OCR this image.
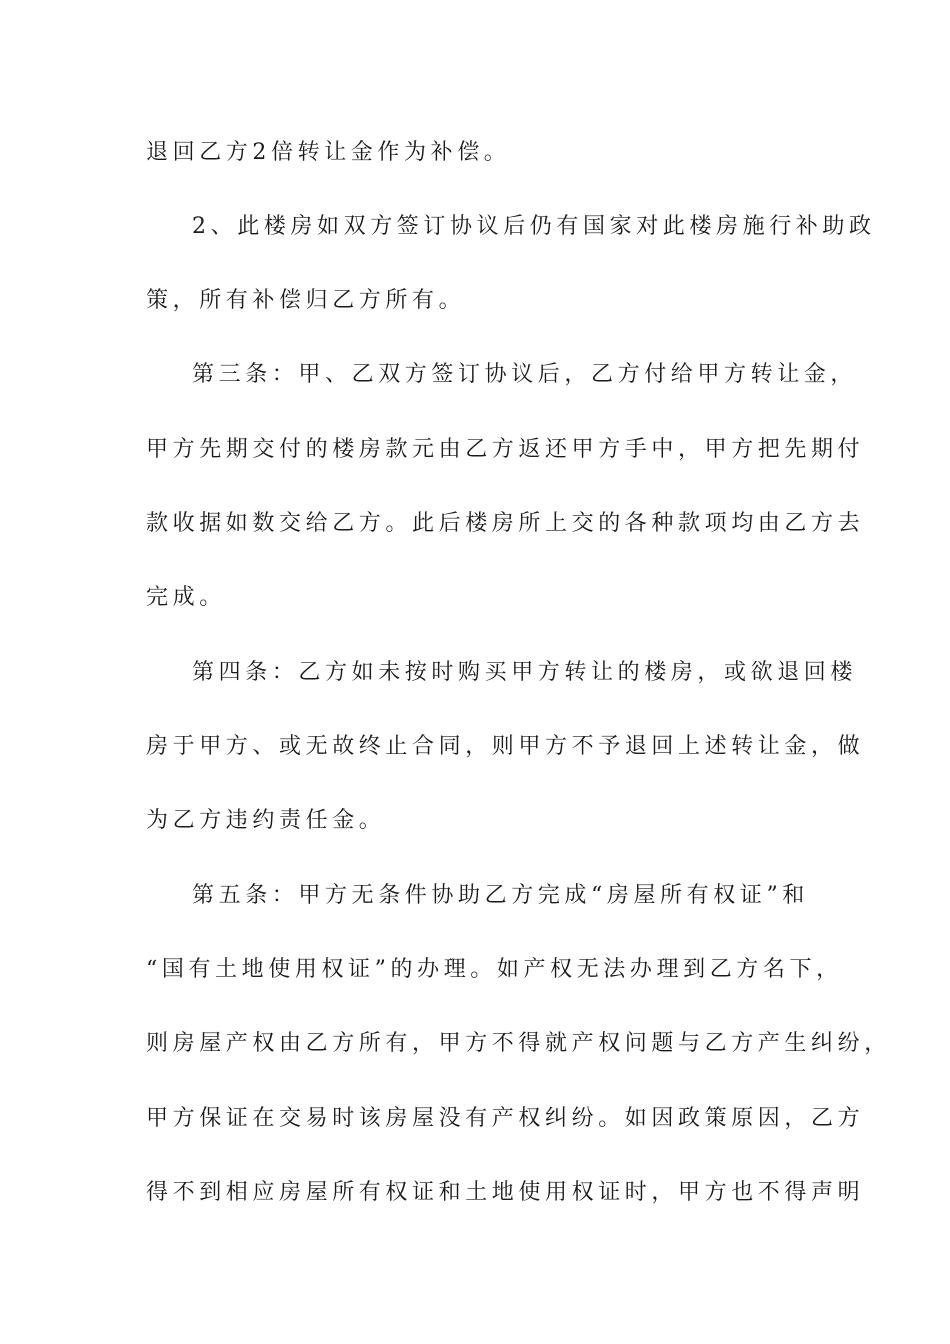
退回乙方2倍转让金作为补偿。
2、此楼房如双方签订协议后仍有国家对此楼房施行补助政
策，所有补偿归乙方所有。
第三条：甲、乙双方签订协议后，乙方付给甲方转让金，
甲方先期交付的楼房款元由乙方返还甲方手中，甲方把先期付
款收据如数交给乙方。此后楼房所上交的各种款项均由乙方去
完成。
第四条：乙方如未按时购买甲方转让的楼房，或欲退回楼
房于甲方、或无故终止合同，则甲方不予退回上述转让金，做
为乙方违约责任金。
第五条：甲方无条件协助乙方完成“房屋所有权证”和
“国有土地使用权证”的办理。如产权无法办理到乙方名下，
则房屋产权由乙方所有，甲方不得就产权问题与乙方产生纠纷，
甲方保证在交易时该房屋没有产权纠纷。如因政策原因，乙方
得不到相应房屋所有权证和土地使用权证时，甲方也不得声明
